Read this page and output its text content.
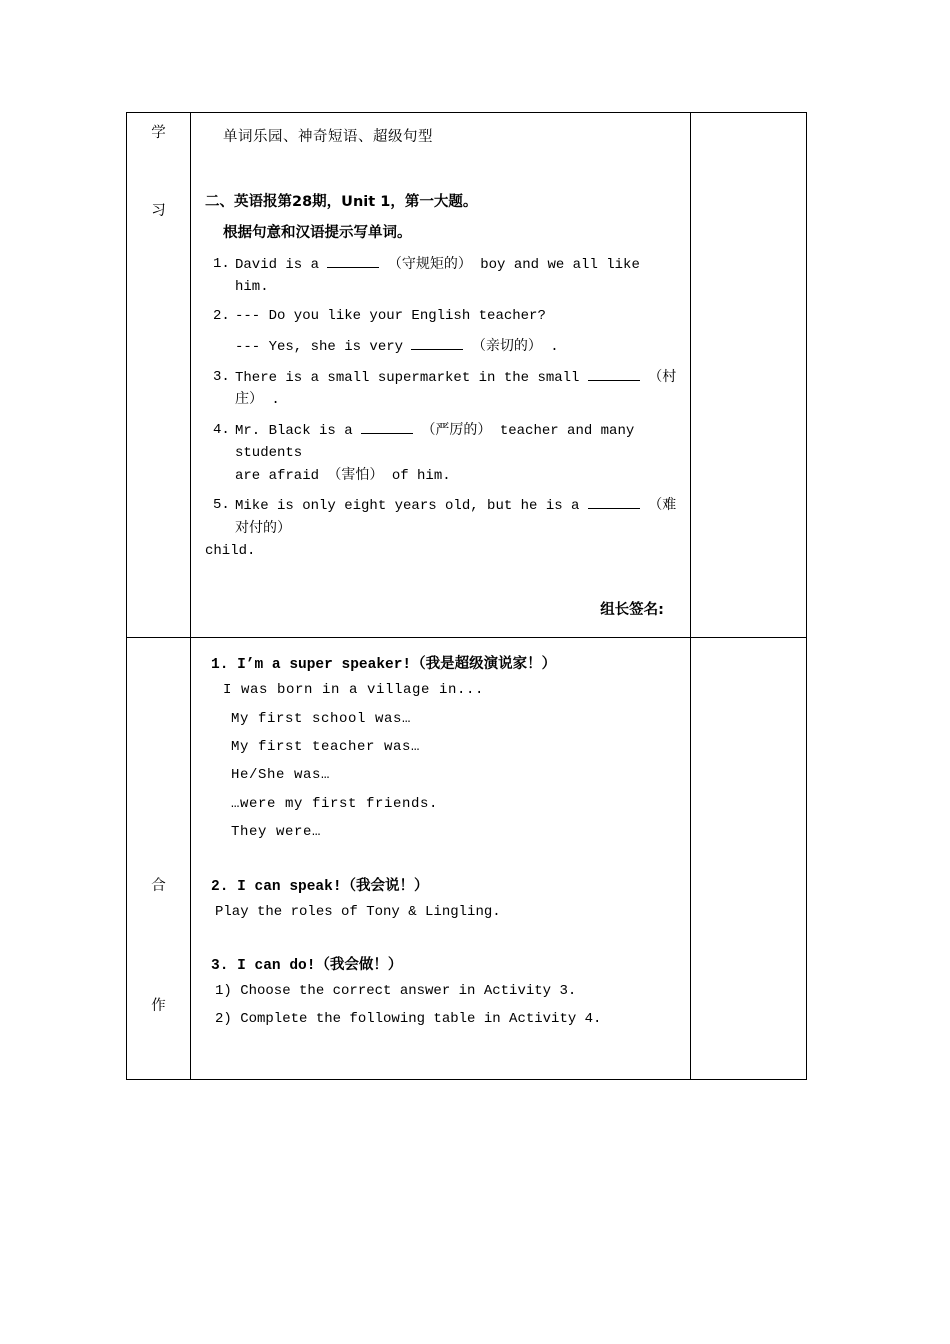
学
习

单词乐园、神奇短语、超级句型
二、英语报第28期，Unit 1，第一大题。
根据句意和汉语提示写单词。
1. David is a	（守规矩的） boy and we all like him.
2. --- Do you like your English teacher?
--- Yes, she is very	（亲切的） .
3. There is a small supermarket in the small	（村庄） .
4. Mr. Black is a	（严厉的） teacher and many students
are afraid （害怕） of him.
5. Mike is only eight years old, but he is a	（难对付的）
child.
组长签名:

合
作

1. I’m a super speaker!（我是超级演说家！）
I was born in a village in...
My first school was…
My first teacher was…
He/She was…
…were my first friends.
They were…
2. I can speak!（我会说！）
Play the roles of Tony & Lingling.
3. I can do!（我会做！）
1) Choose the correct answer in Activity 3.
2) Complete the following table in Activity 4.
